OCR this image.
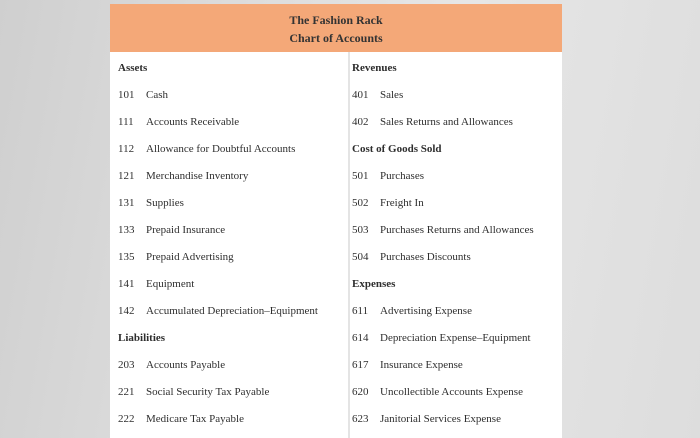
The Fashion Rack
Chart of Accounts
Assets
101 Cash
111 Accounts Receivable
112 Allowance for Doubtful Accounts
121 Merchandise Inventory
131 Supplies
133 Prepaid Insurance
135 Prepaid Advertising
141 Equipment
142 Accumulated Depreciation–Equipment
Liabilities
203 Accounts Payable
221 Social Security Tax Payable
222 Medicare Tax Payable
Revenues
401 Sales
402 Sales Returns and Allowances
Cost of Goods Sold
501 Purchases
502 Freight In
503 Purchases Returns and Allowances
504 Purchases Discounts
Expenses
611 Advertising Expense
614 Depreciation Expense–Equipment
617 Insurance Expense
620 Uncollectible Accounts Expense
623 Janitorial Services Expense
